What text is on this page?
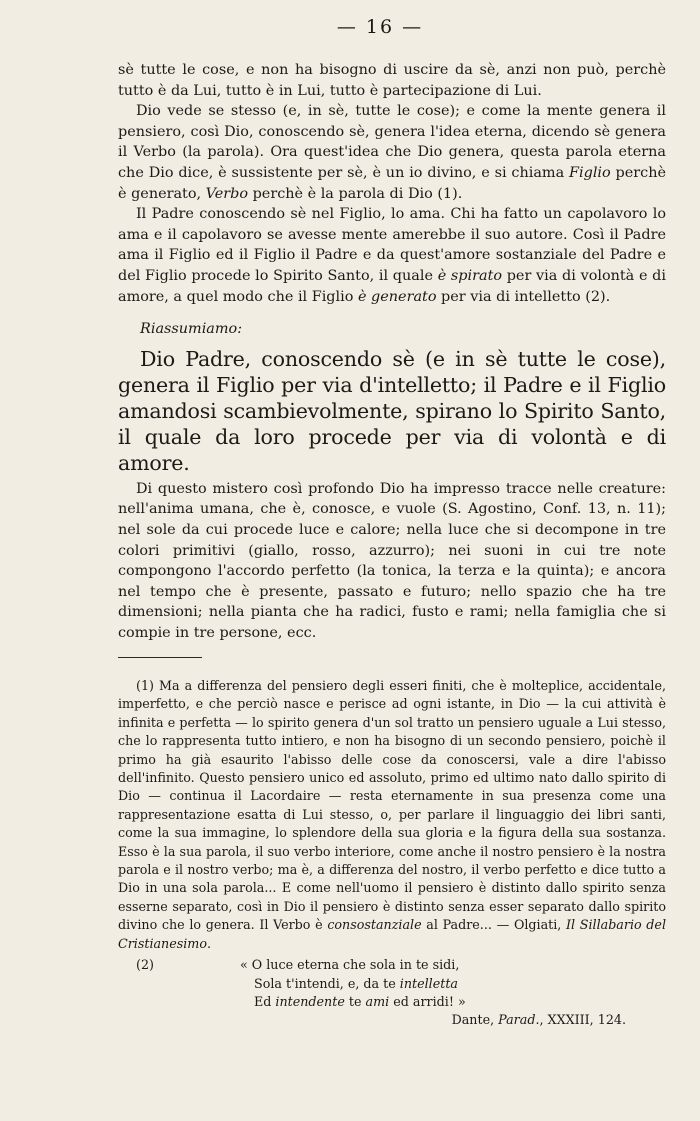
— 16 —

sè tutte le cose, e non ha bisogno di uscire da sè, anzi non può, perchè tutto è da Lui, tutto è in Lui, tutto è partecipazione di Lui.

Dio vede se stesso (e, in sè, tutte le cose); e come la mente genera il pensiero, così Dio, conoscendo sè, genera l'idea eterna, dicendo sè genera il Verbo (la parola). Ora quest'idea che Dio genera, questa parola eterna che Dio dice, è sussistente per sè, è un io divino, e si chiama Figlio perchè è generato, Verbo perchè è la parola di Dio (1).

Il Padre conoscendo sè nel Figlio, lo ama. Chi ha fatto un capolavoro lo ama e il capolavoro se avesse mente amerebbe il suo autore. Così il Padre ama il Figlio ed il Figlio il Padre e da quest'amore sostanziale del Padre e del Figlio procede lo Spirito Santo, il quale è spirato per via di volontà e di amore, a quel modo che il Figlio è generato per via di intelletto (2).

Riassumiamo:

Dio Padre, conoscendo sè (e in sè tutte le cose), genera il Figlio per via d'intelletto; il Padre e il Figlio amandosi scambievolmente, spirano lo Spirito Santo, il quale da loro procede per via di volontà e di amore.

Di questo mistero così profondo Dio ha impresso tracce nelle creature: nell'anima umana, che è, conosce, e vuole (S. Agostino, Conf. 13, n. 11); nel sole da cui procede luce e calore; nella luce che si decompone in tre colori primitivi (giallo, rosso, azzurro); nei suoni in cui tre note compongono l'accordo perfetto (la tonica, la terza e la quinta); e ancora nel tempo che è presente, passato e futuro; nello spazio che ha tre dimensioni; nella pianta che ha radici, fusto e rami; nella famiglia che si compie in tre persone, ecc.

(1) Ma a differenza del pensiero degli esseri finiti, che è molteplice, accidentale, imperfetto, e che perciò nasce e perisce ad ogni istante, in Dio — la cui attività è infinita e perfetta — lo spirito genera d'un sol tratto un pensiero uguale a Lui stesso, che lo rappresenta tutto intiero, e non ha bisogno di un secondo pensiero, poichè il primo ha già esaurito l'abisso delle cose da conoscersi, vale a dire l'abisso dell'infinito. Questo pensiero unico ed assoluto, primo ed ultimo nato dallo spirito di Dio — continua il Lacordaire — resta eternamente in sua presenza come una rappresentazione esatta di Lui stesso, o, per parlare il linguaggio dei libri santi, come la sua immagine, lo splendore della sua gloria e la figura della sua sostanza. Esso è la sua parola, il suo verbo interiore, come anche il nostro pensiero è la nostra parola e il nostro verbo; ma è, a differenza del nostro, il verbo perfetto e dice tutto a Dio in una sola parola... E come nell'uomo il pensiero è distinto dallo spirito senza esserne separato, così in Dio il pensiero è distinto senza esser separato dallo spirito divino che lo genera. Il Verbo è consostanziale al Padre... — Olgiati, Il Sillabario del Cristianesimo.

(2)	« O luce eterna che sola in te sidi,
Sola t'intendi, e, da te intelletta
Ed intendente te ami ed arridi! »
Dante, Parad., XXXIII, 124.
